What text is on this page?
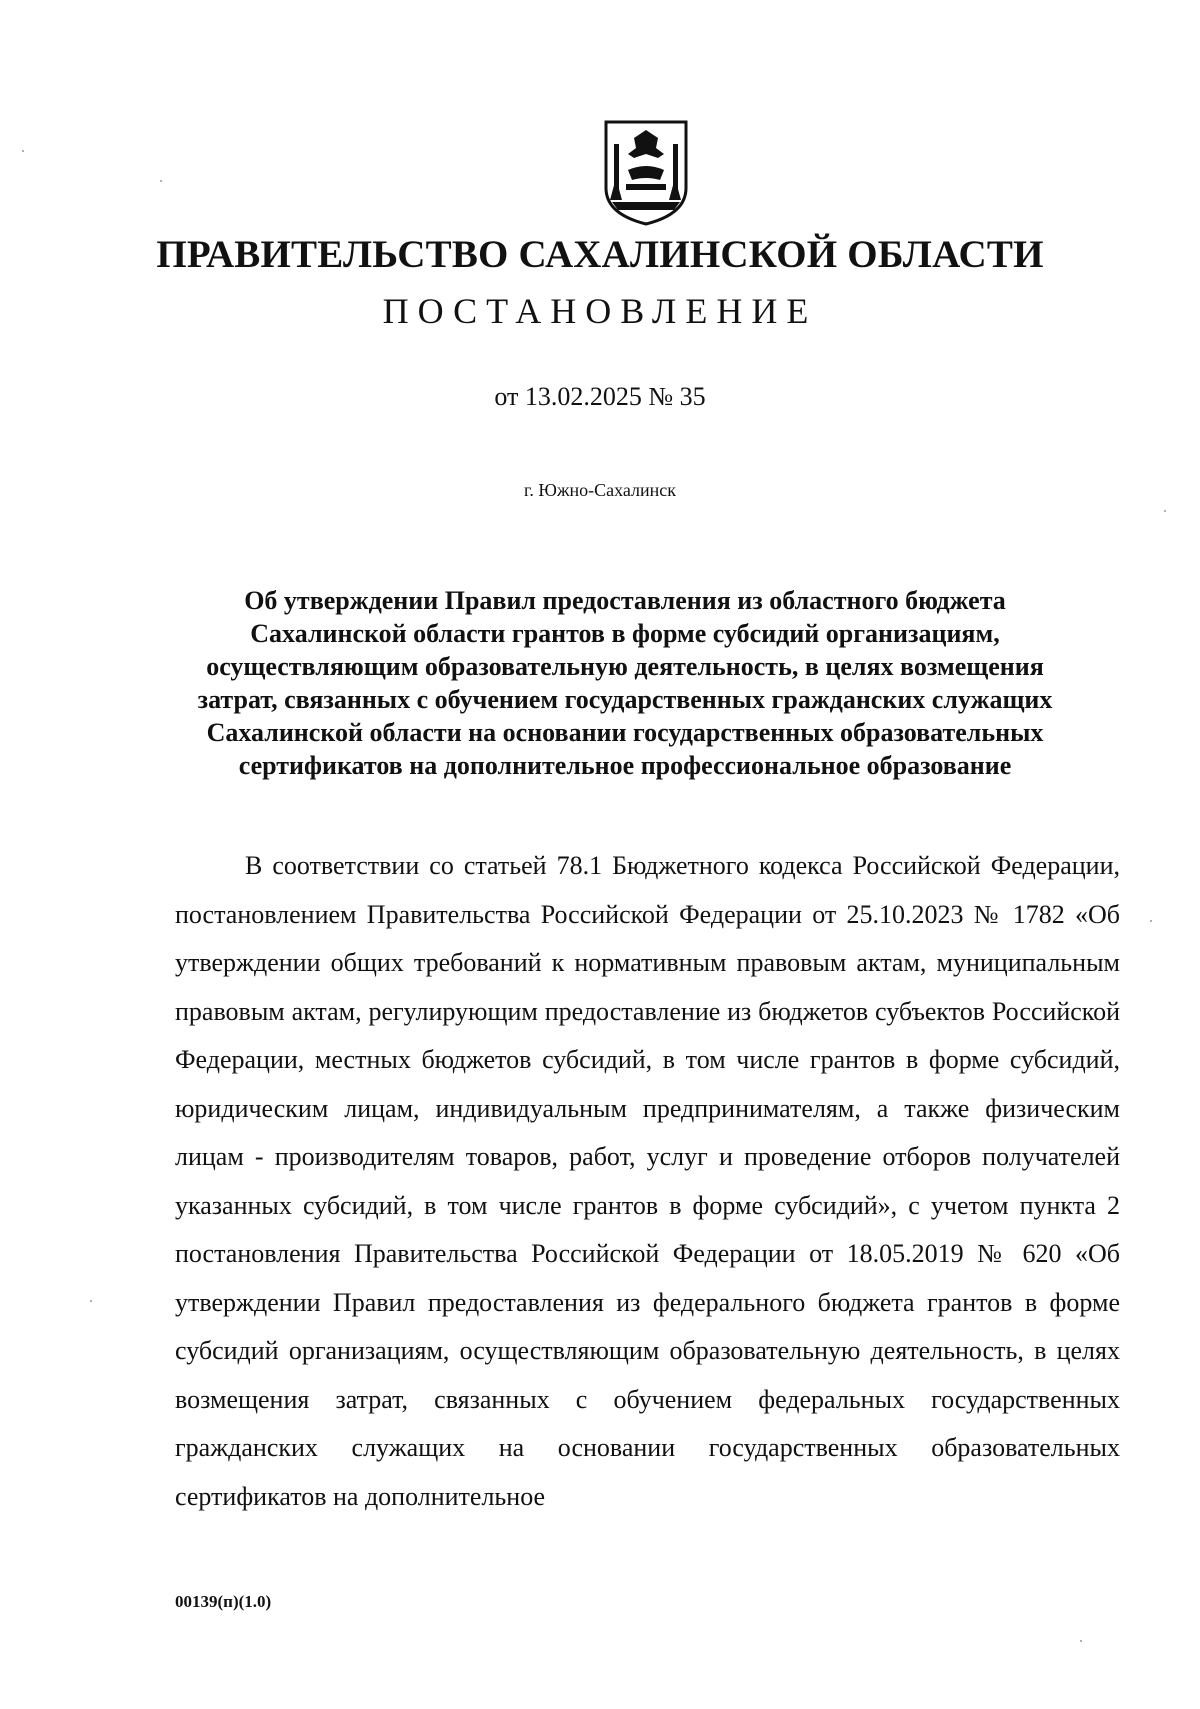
ПРАВИТЕЛЬСТВО САХАЛИНСКОЙ ОБЛАСТИ
ПОСТАНОВЛЕНИЕ
от 13.02.2025 № 35
г. Южно-Сахалинск
Об утверждении Правил предоставления из областного бюджета Сахалинской области грантов в форме субсидий организациям, осуществляющим образовательную деятельность, в целях возмещения затрат, связанных с обучением государственных гражданских служащих Сахалинской области на основании государственных образовательных сертификатов на дополнительное профессиональное образование
В соответствии со статьей 78.1 Бюджетного кодекса Российской Федерации, постановлением Правительства Российской Федерации от 25.10.2023 № 1782 «Об утверждении общих требований к нормативным правовым актам, муниципальным правовым актам, регулирующим предоставление из бюджетов субъектов Российской Федерации, местных бюджетов субсидий, в том числе грантов в форме субсидий, юридическим лицам, индивидуальным предпринимателям, а также физическим лицам - производителям товаров, работ, услуг и проведение отборов получателей указанных субсидий, в том числе грантов в форме субсидий», с учетом пункта 2 постановления Правительства Российской Федерации от 18.05.2019 № 620 «Об утверждении Правил предоставления из федерального бюджета грантов в форме субсидий организациям, осуществляющим образовательную деятельность, в целях возмещения затрат, связанных с обучением федеральных государственных гражданских служащих на основании государственных образовательных сертификатов на дополнительное
00139(п)(1.0)
